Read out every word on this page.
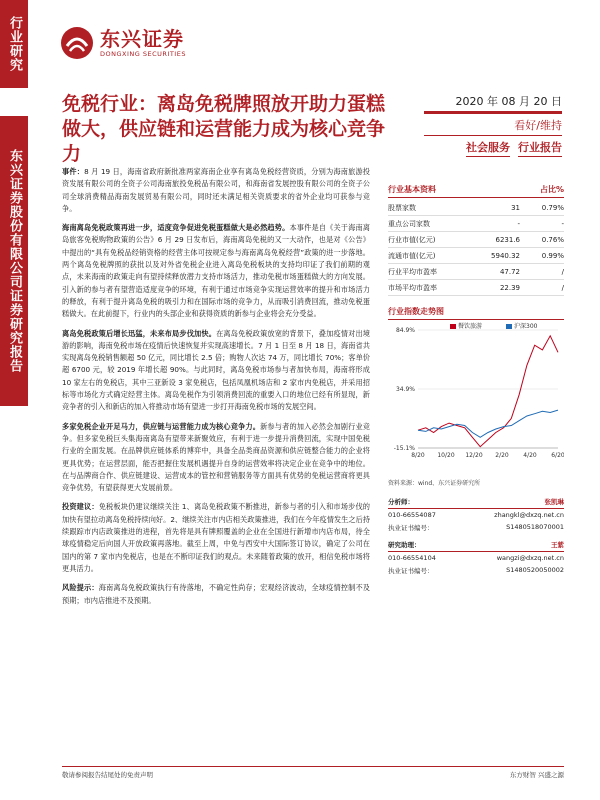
行业研究
东兴证券股份有限公司证券研究报告
东兴证券
DONGXING SECURITIES
免税行业：离岛免税牌照放开助力蛋糕做大，供应链和运营能力成为核心竞争力
2020 年 08 月 20 日
看好/维持
社会服务 行业报告

事件：8 月 19 日，海南省政府新批准两家海南企业享有离岛免税经营资质，分别为海南旅游投资发展有限公司的全资子公司海南旅投免税品有限公司，和海南省发展控股有限公司的全资子公司全球消费精品海南发展贸易有限公司，同时还未满足相关资质要求的省外企业均可获参与竞争。

海南离岛免税政策再进一步，适度竞争促进免税蛋糕做大是必然趋势。本事件是自《关于海南离岛旅客免税购物政策的公告》6 月 29 日发布后，海南离岛免税的又一大动作，也是对《公告》中提出的“具有免税品经销资格的经营主体可按规定参与海南离岛免税经营”政策的进一步落地。两个离岛免税牌照的获批以及对外省免税企业进入离岛免税板块的支持均印证了我们前期的观点，未来海南的政策走向有望持续释放潜力支持市场活力，推动免税市场蛋糕做大的方向发展。引入新的参与者有望营造适度竞争的环境，有利于通过市场竞争实现运营效率的提升和市场活力的释放，有利于提升离岛免税的吸引力和在国际市场的竞争力，从而吸引消费回流，推动免税蛋糕做大。在此前提下，行业内的头部企业和获得资质的新参与企业将会充分受益。

离岛免税政策后增长迅猛，未来布局步伐加快。在离岛免税政策放宽的背景下，叠加疫情对出境游的影响，海南免税市场在疫情后快速恢复并实现高速增长。7 月 1 日至 8 月 18 日，海南省共实现离岛免税销售额超 50 亿元，同比增长 2.5 倍；购物人次达 74 万，同比增长 70%；客单价超 6700 元，较 2019 年增长超 90%。与此同时，离岛免税市场参与者加快布局，海南将形成 10 家左右的免税店，其中三亚新设 3 家免税店，包括凤凰机场店和 2 家市内免税店，并采用招标等市场化方式确定经营主体。离岛免税作为引领消费回流的重要入口的地位已经有所显现，新竞争者的引入和新店的加入将推动市场有望进一步打开海南免税市场的发展空间。

多家免税企业开足马力，供应链与运营能力成为核心竞争力。新参与者的加入必然会加剧行业竞争。但多家免税巨头集海南离岛有望带来新聚效应，有利于进一步提升消费回流，实现中国免税行业的全面发展。在品牌供应链体系的博弈中，具备全品类商品资源和供应链整合能力的企业将更具优势；在运营层面，能否把握住发展机遇提升自身的运营效率将决定企业在竞争中的地位。在与品牌商合作、供应链建设、运营成本的管控和营销服务等方面具有优势的免税运营商将更具竞争优势，有望获得更大发展前景。

投资建议：免税板块仍建议继续关注 1、离岛免税政策不断推进，新参与者的引入和市场步伐的加快有望拉动离岛免税持续向好。2、继续关注市内店相关政策推进，我们在今年疫情发生之后持续跟踪市内店政策推进的进程，首先将是具有牌照覆盖的企业在全国进行新增市内店布局，待全球疫情稳定后向国人开放政策再落地。截至上周，中免与西安中大国际签订协议，确定了公司在国内的第 7 家市内免税店，也是在不断印证我们的观点。未来随着政策的放开，相信免税市场将更具活力。

风险提示：海南离岛免税政策执行有待落地，不确定性尚存；宏观经济波动，全球疫情控制不及预期；市内店推进不及预期。

行业基本资料	占比%
股票家数	31	0.79%
重点公司家数	-	-
行业市值(亿元)	6231.6	0.76%
流通市值(亿元)	5940.32	0.99%
行业平均市盈率	47.72	/
市场平均市盈率	22.39	/
行业指数走势图
84.9%
34.9%
-15.1%
8/20 10/20 12/20 2/20 4/20 6/20
餐饮旅游	沪深300
资料来源：wind、东兴证券研究所
分析师：	张凯琳
010-66554087	zhangkl@dxzq.net.cn
执业证书编号：	S1480518070001
研究助理：	王紫
010-66554104	wangzi@dxzq.net.cn
执业证书编号：	S1480520050002
敬请参阅报告结尾处的免责声明	东方财智 兴盛之源
